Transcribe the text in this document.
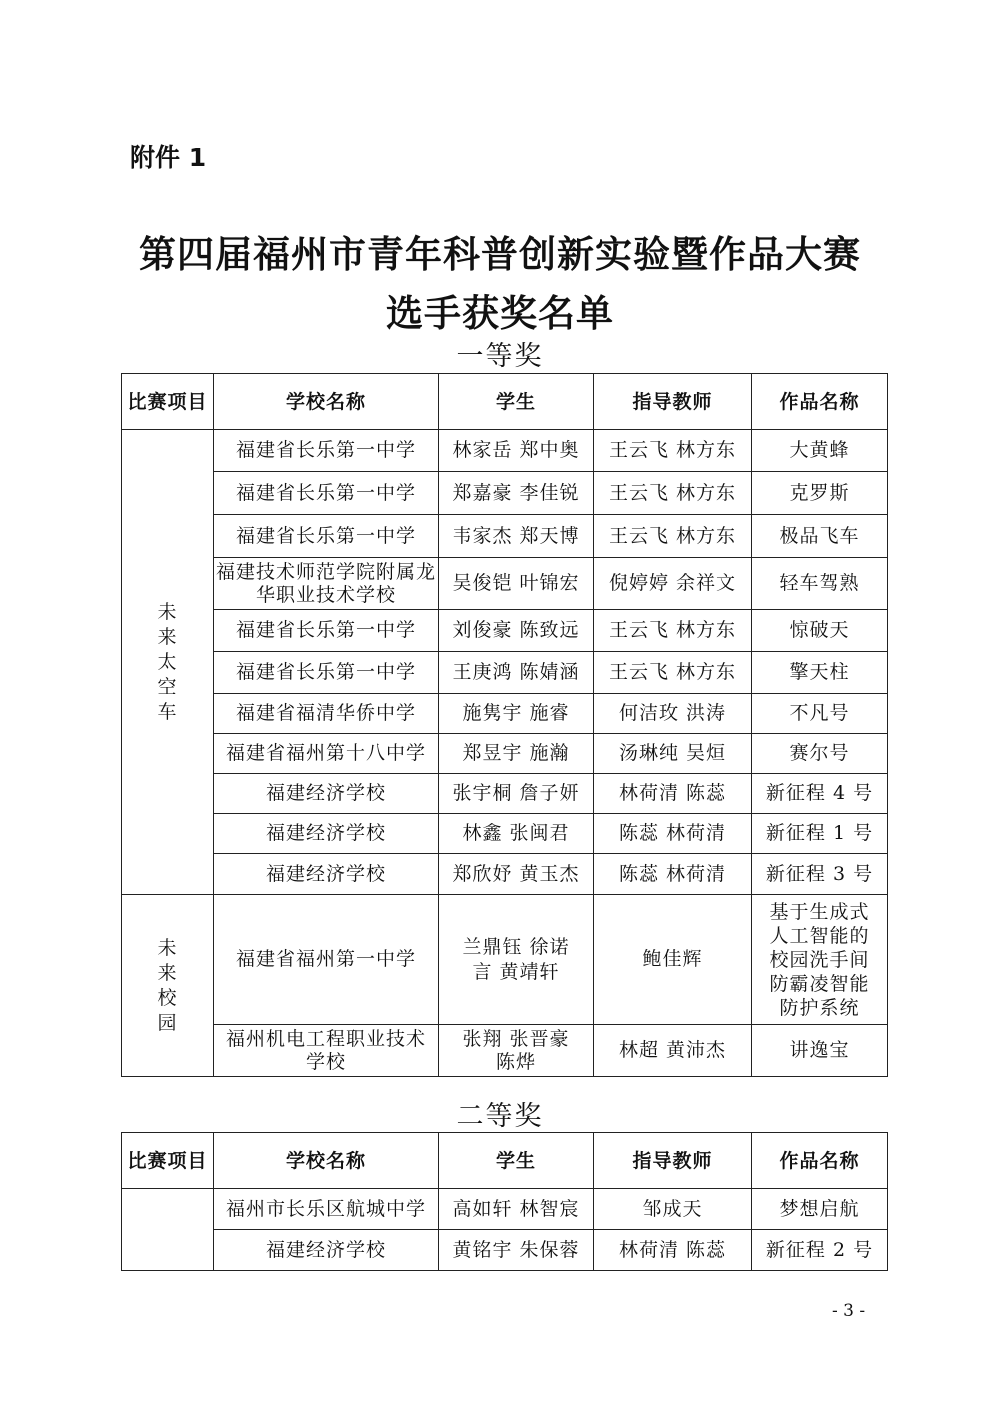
附件 1
第四届福州市青年科普创新实验暨作品大赛
选手获奖名单
一等奖
比赛项目	学校名称	学生	指导教师	作品名称

未来太空车	福建省长乐第一中学	林家岳 郑中奥	王云飞 林方东	大黄蜂
	福建省长乐第一中学	郑嘉豪 李佳锐	王云飞 林方东	克罗斯
	福建省长乐第一中学	韦家杰 郑天博	王云飞 林方东	极品飞车
	福建技术师范学院附属龙华职业技术学校	吴俊铠 叶锦宏	倪婷婷 余祥文	轻车驾熟
	福建省长乐第一中学	刘俊豪 陈致远	王云飞 林方东	惊破天
	福建省长乐第一中学	王庚鸿 陈婧涵	王云飞 林方东	擎天柱
	福建省福清华侨中学	施隽宇 施睿	何洁玫 洪涛	不凡号
	福建省福州第十八中学	郑昱宇 施瀚	汤琳纯 吴烜	赛尔号
	福建经济学校	张宇桐 詹子妍	林荷清 陈蕊	新征程 4 号
	福建经济学校	林鑫 张闽君	陈蕊 林荷清	新征程 1 号
	福建经济学校	郑欣妤 黄玉杰	陈蕊 林荷清	新征程 3 号

未来校园	福建省福州第一中学	兰鼎钰 徐诺言 黄靖轩	鲍佳辉	基于生成式人工智能的校园洗手间防霸凌智能防护系统
	福州机电工程职业技术学校	张翔 张晋豪 陈烨	林超 黄沛杰	讲逸宝
二等奖
比赛项目	学校名称	学生	指导教师	作品名称
	福州市长乐区航城中学	高如轩 林智宸	邹成天	梦想启航
	福建经济学校	黄铭宇 朱保蓉	林荷清 陈蕊	新征程 2 号
- 3 -
